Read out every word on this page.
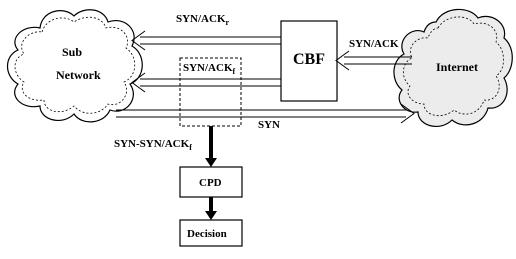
Sub
Network
Internet
CBF
SYN/$ACK_r$
SYN/ACK
SYN
SYN/$ACK_f$
SYN-$SYN/ACK_f$
CPD
Decision
